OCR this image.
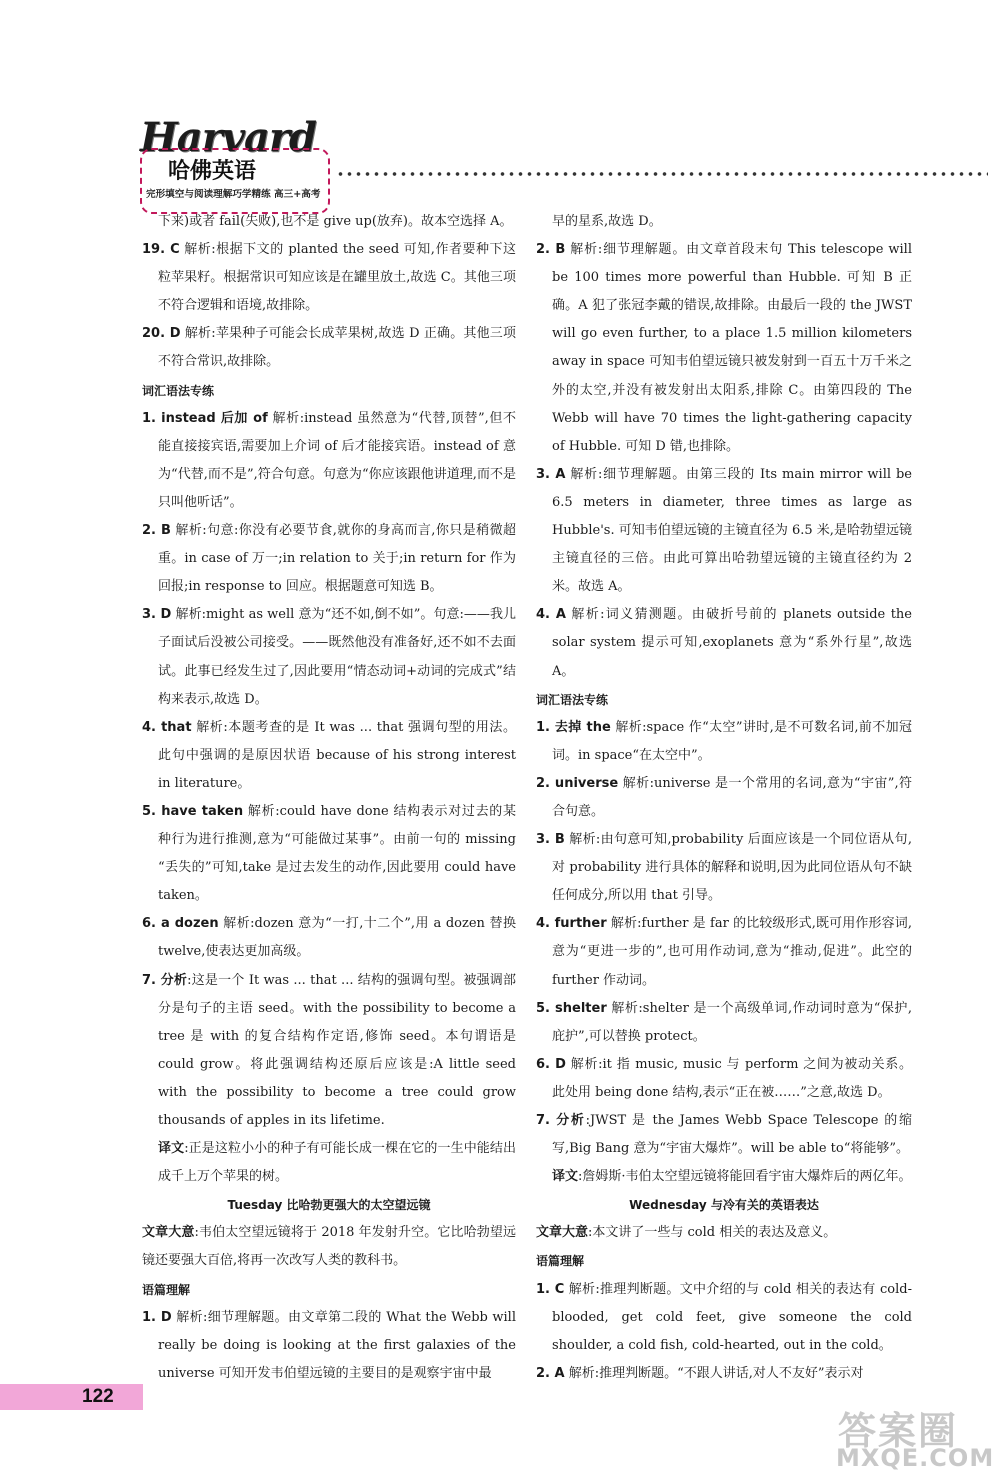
Harvard
哈佛英语
完形填空与阅读理解巧学精练 高三+高考

下来)或者 fail(失败),也不是 give up(放弃)。故本空选择 A。

19. C 解析:根据下文的 planted the seed 可知,作者要种下这粒苹果籽。根据常识可知应该是在罐里放土,故选 C。其他三项不符合逻辑和语境,故排除。

20. D 解析:苹果种子可能会长成苹果树,故选 D 正确。其他三项不符合常识,故排除。

词汇语法专练

1. instead 后加 of 解析:instead 虽然意为“代替,顶替”,但不能直接接宾语,需要加上介词 of 后才能接宾语。instead of 意为“代替,而不是”,符合句意。句意为“你应该跟他讲道理,而不是只叫他听话”。

2. B 解析:句意:你没有必要节食,就你的身高而言,你只是稍微超重。in case of 万一;in relation to 关于;in return for 作为回报;in response to 回应。根据题意可知选 B。

3. D 解析:might as well 意为“还不如,倒不如”。句意:——我儿子面试后没被公司接受。——既然他没有准备好,还不如不去面试。此事已经发生过了,因此要用“情态动词+动词的完成式”结构来表示,故选 D。

4. that 解析:本题考查的是 It was ... that 强调句型的用法。此句中强调的是原因状语 because of his strong interest in literature。

5. have taken 解析:could have done 结构表示对过去的某种行为进行推测,意为“可能做过某事”。由前一句的 missing “丢失的”可知,take 是过去发生的动作,因此要用 could have taken。

6. a dozen 解析:dozen 意为“一打,十二个”,用 a dozen 替换 twelve,使表达更加高级。

7. 分析:这是一个 It was ... that ... 结构的强调句型。被强调部分是句子的主语 seed。with the possibility to become a tree 是 with 的复合结构作定语,修饰 seed。本句谓语是 could grow。将此强调结构还原后应该是:A little seed with the possibility to become a tree could grow thousands of apples in its lifetime.

译文:正是这粒小小的种子有可能长成一棵在它的一生中能结出成千上万个苹果的树。

Tuesday 比哈勃更强大的太空望远镜

文章大意:韦伯太空望远镜将于 2018 年发射升空。它比哈勃望远镜还要强大百倍,将再一次改写人类的教科书。

语篇理解

1. D 解析:细节理解题。由文章第二段的 What the Webb will really be doing is looking at the first galaxies of the universe 可知开发韦伯望远镜的主要目的是观察宇宙中最

早的星系,故选 D。

2. B 解析:细节理解题。由文章首段末句 This telescope will be 100 times more powerful than Hubble. 可知 B 正确。A 犯了张冠李戴的错误,故排除。由最后一段的 the JWST will go even further, to a place 1.5 million kilometers away in space 可知韦伯望远镜只被发射到一百五十万千米之外的太空,并没有被发射出太阳系,排除 C。由第四段的 The Webb will have 70 times the light-gathering capacity of Hubble. 可知 D 错,也排除。

3. A 解析:细节理解题。由第三段的 Its main mirror will be 6.5 meters in diameter, three times as large as Hubble's. 可知韦伯望远镜的主镜直径为 6.5 米,是哈勃望远镜主镜直径的三倍。由此可算出哈勃望远镜的主镜直径约为 2 米。故选 A。

4. A 解析:词义猜测题。由破折号前的 planets outside the solar system 提示可知,exoplanets 意为“系外行星”,故选 A。

词汇语法专练

1. 去掉 the 解析:space 作“太空”讲时,是不可数名词,前不加冠词。in space“在太空中”。

2. universe 解析:universe 是一个常用的名词,意为“宇宙”,符合句意。

3. B 解析:由句意可知,probability 后面应该是一个同位语从句,对 probability 进行具体的解释和说明,因为此同位语从句不缺任何成分,所以用 that 引导。

4. further 解析:further 是 far 的比较级形式,既可用作形容词,意为“更进一步的”,也可用作动词,意为“推动,促进”。此空的 further 作动词。

5. shelter 解析:shelter 是一个高级单词,作动词时意为“保护,庇护”,可以替换 protect。

6. D 解析:it 指 music, music 与 perform 之间为被动关系。此处用 being done 结构,表示“正在被……”之意,故选 D。

7. 分析:JWST 是 the James Webb Space Telescope 的缩写,Big Bang 意为“宇宙大爆炸”。will be able to“将能够”。

译文:詹姆斯·韦伯太空望远镜将能回看宇宙大爆炸后的两亿年。

Wednesday 与冷有关的英语表达

文章大意:本文讲了一些与 cold 相关的表达及意义。

语篇理解

1. C 解析:推理判断题。文中介绍的与 cold 相关的表达有 cold-blooded, get cold feet, give someone the cold shoulder, a cold fish, cold-hearted, out in the cold。

2. A 解析:推理判断题。“不跟人讲话,对人不友好”表示对

122
答案圈
MXQE.COM
